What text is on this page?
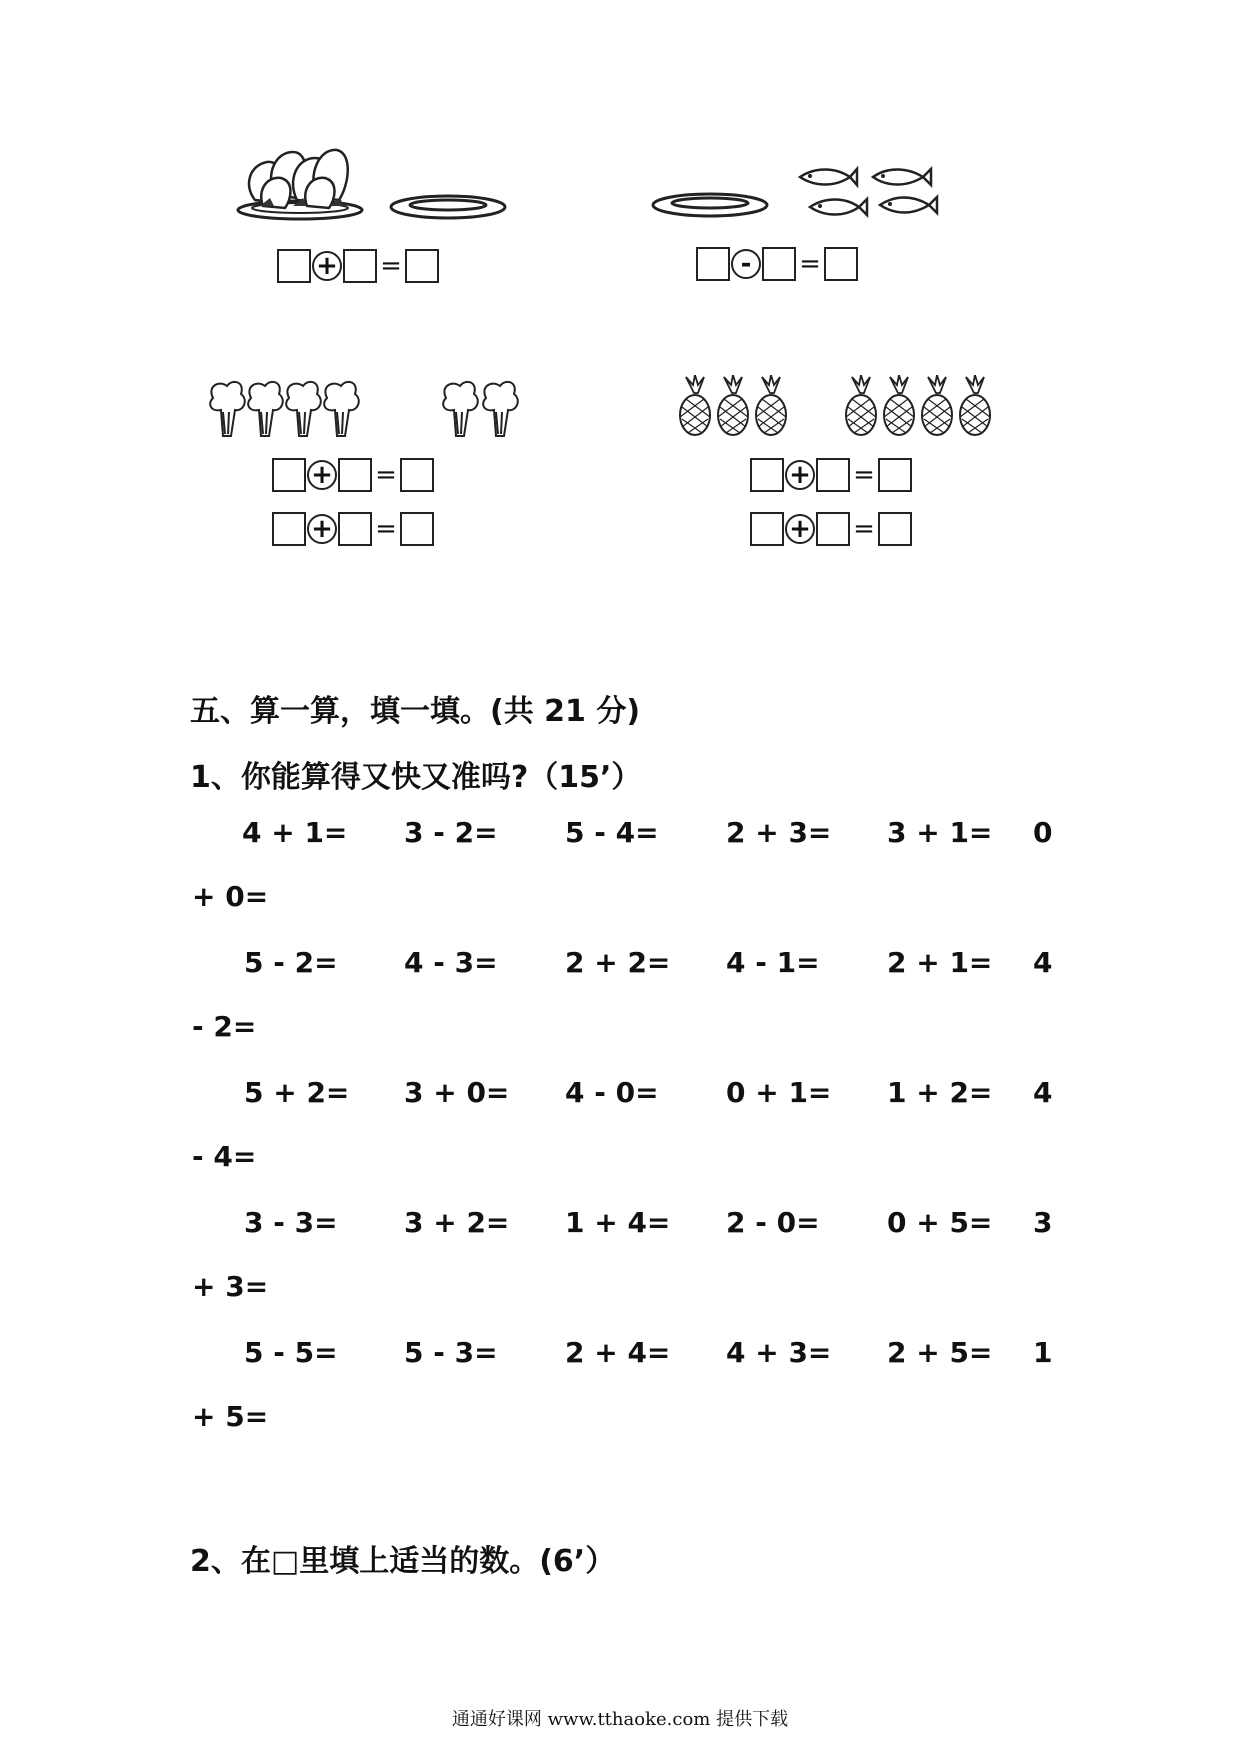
+ =	-	=
+ =
+ =
+ =
+ =
五、算一算，填一填。(共 21 分)
1、你能算得又快又准吗?（15’）
4 + 1= 3 - 2= 5 - 4= 2 + 3= 3 + 1= 0
+ 0=
5 - 2= 4 - 3= 2 + 2= 4 - 1= 2 + 1= 4
- 2=
5 + 2= 3 + 0= 4 - 0= 0 + 1= 1 + 2= 4
- 4=
3 - 3= 3 + 2= 1 + 4= 2 - 0= 0 + 5= 3
+ 3=
5 - 5= 5 - 3= 2 + 4= 4 + 3= 2 + 5= 1
+ 5=
2、在□里填上适当的数。(6’）
通通好课网 www.tthaoke.com 提供下载
